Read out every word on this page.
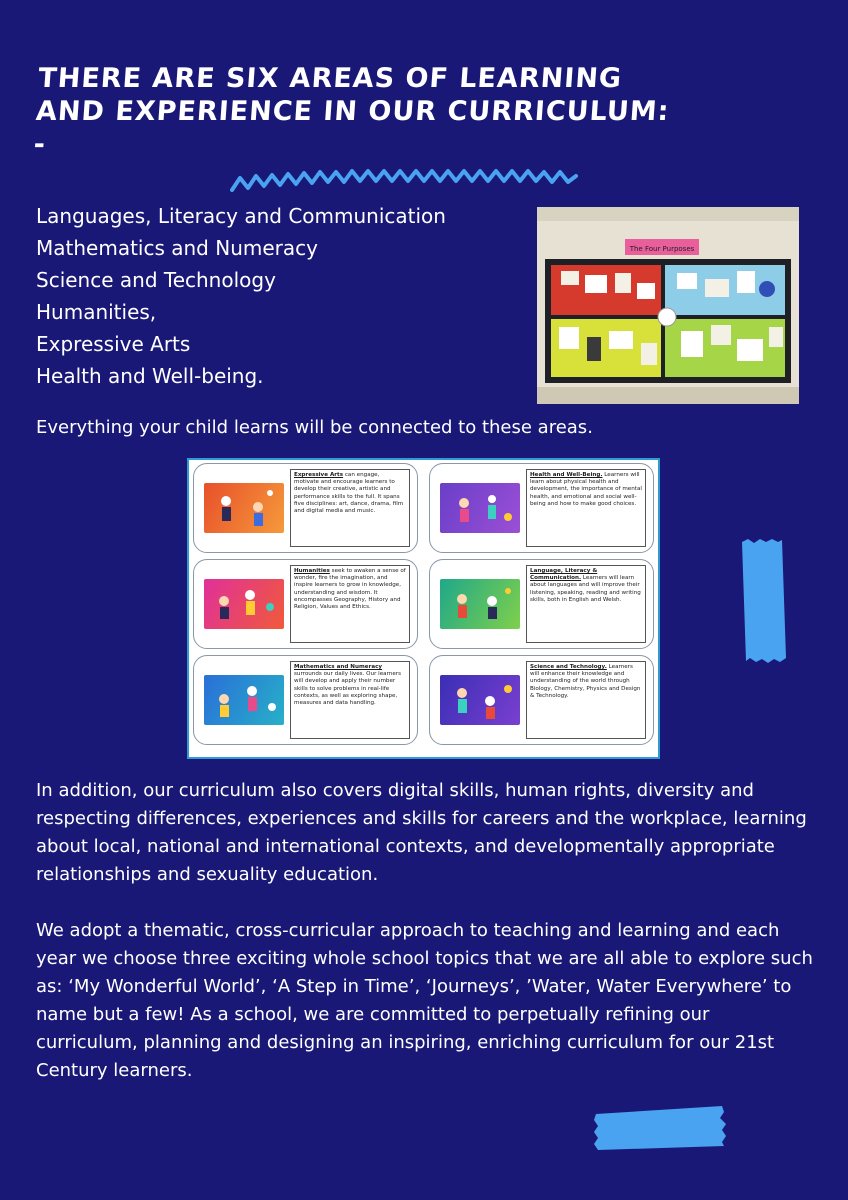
THERE ARE SIX AREAS OF LEARNING AND EXPERIENCE IN OUR CURRICULUM: -
Languages, Literacy and Communication
Mathematics and Numeracy
Science and Technology
Humanities,
Expressive Arts
Health and Well-being.
The Four Purposes
Everything your child learns will be connected to these areas.
Expressive Arts can engage, motivate and encourage learners to develop their creative, artistic and performance skills to the full. It spans five disciplines: art, dance, drama, film and digital media and music.
Health and Well-Being. Learners will learn about physical health and development, the importance of mental health, and emotional and social well-being and how to make good choices.
Humanities seek to awaken a sense of wonder, fire the imagination, and inspire learners to grow in knowledge, understanding and wisdom. It encompasses Geography, History and Religion, Values and Ethics.
Language, Literacy & Communication. Learners will learn about languages and will improve their listening, speaking, reading and writing skills, both in English and Welsh.
Mathematics and Numeracy surrounds our daily lives. Our learners will develop and apply their number skills to solve problems in real-life contexts, as well as exploring shape, measures and data handling.
Science and Technology. Learners will enhance their knowledge and understanding of the world through Biology, Chemistry, Physics and Design & Technology.
In addition, our curriculum also covers digital skills, human rights, diversity and respecting differences, experiences and skills for careers and the workplace, learning about local, national and international contexts, and developmentally appropriate relationships and sexuality education.
We adopt a thematic, cross-curricular approach to teaching and learning and each year we choose three exciting whole school topics that we are all able to explore such as: ‘My Wonderful World’, ‘A Step in Time’, ‘Journeys’, ’Water, Water Everywhere’ to name but a few! As a school, we are committed to perpetually refining our curriculum, planning and designing an inspiring, enriching curriculum for our 21st Century learners.
